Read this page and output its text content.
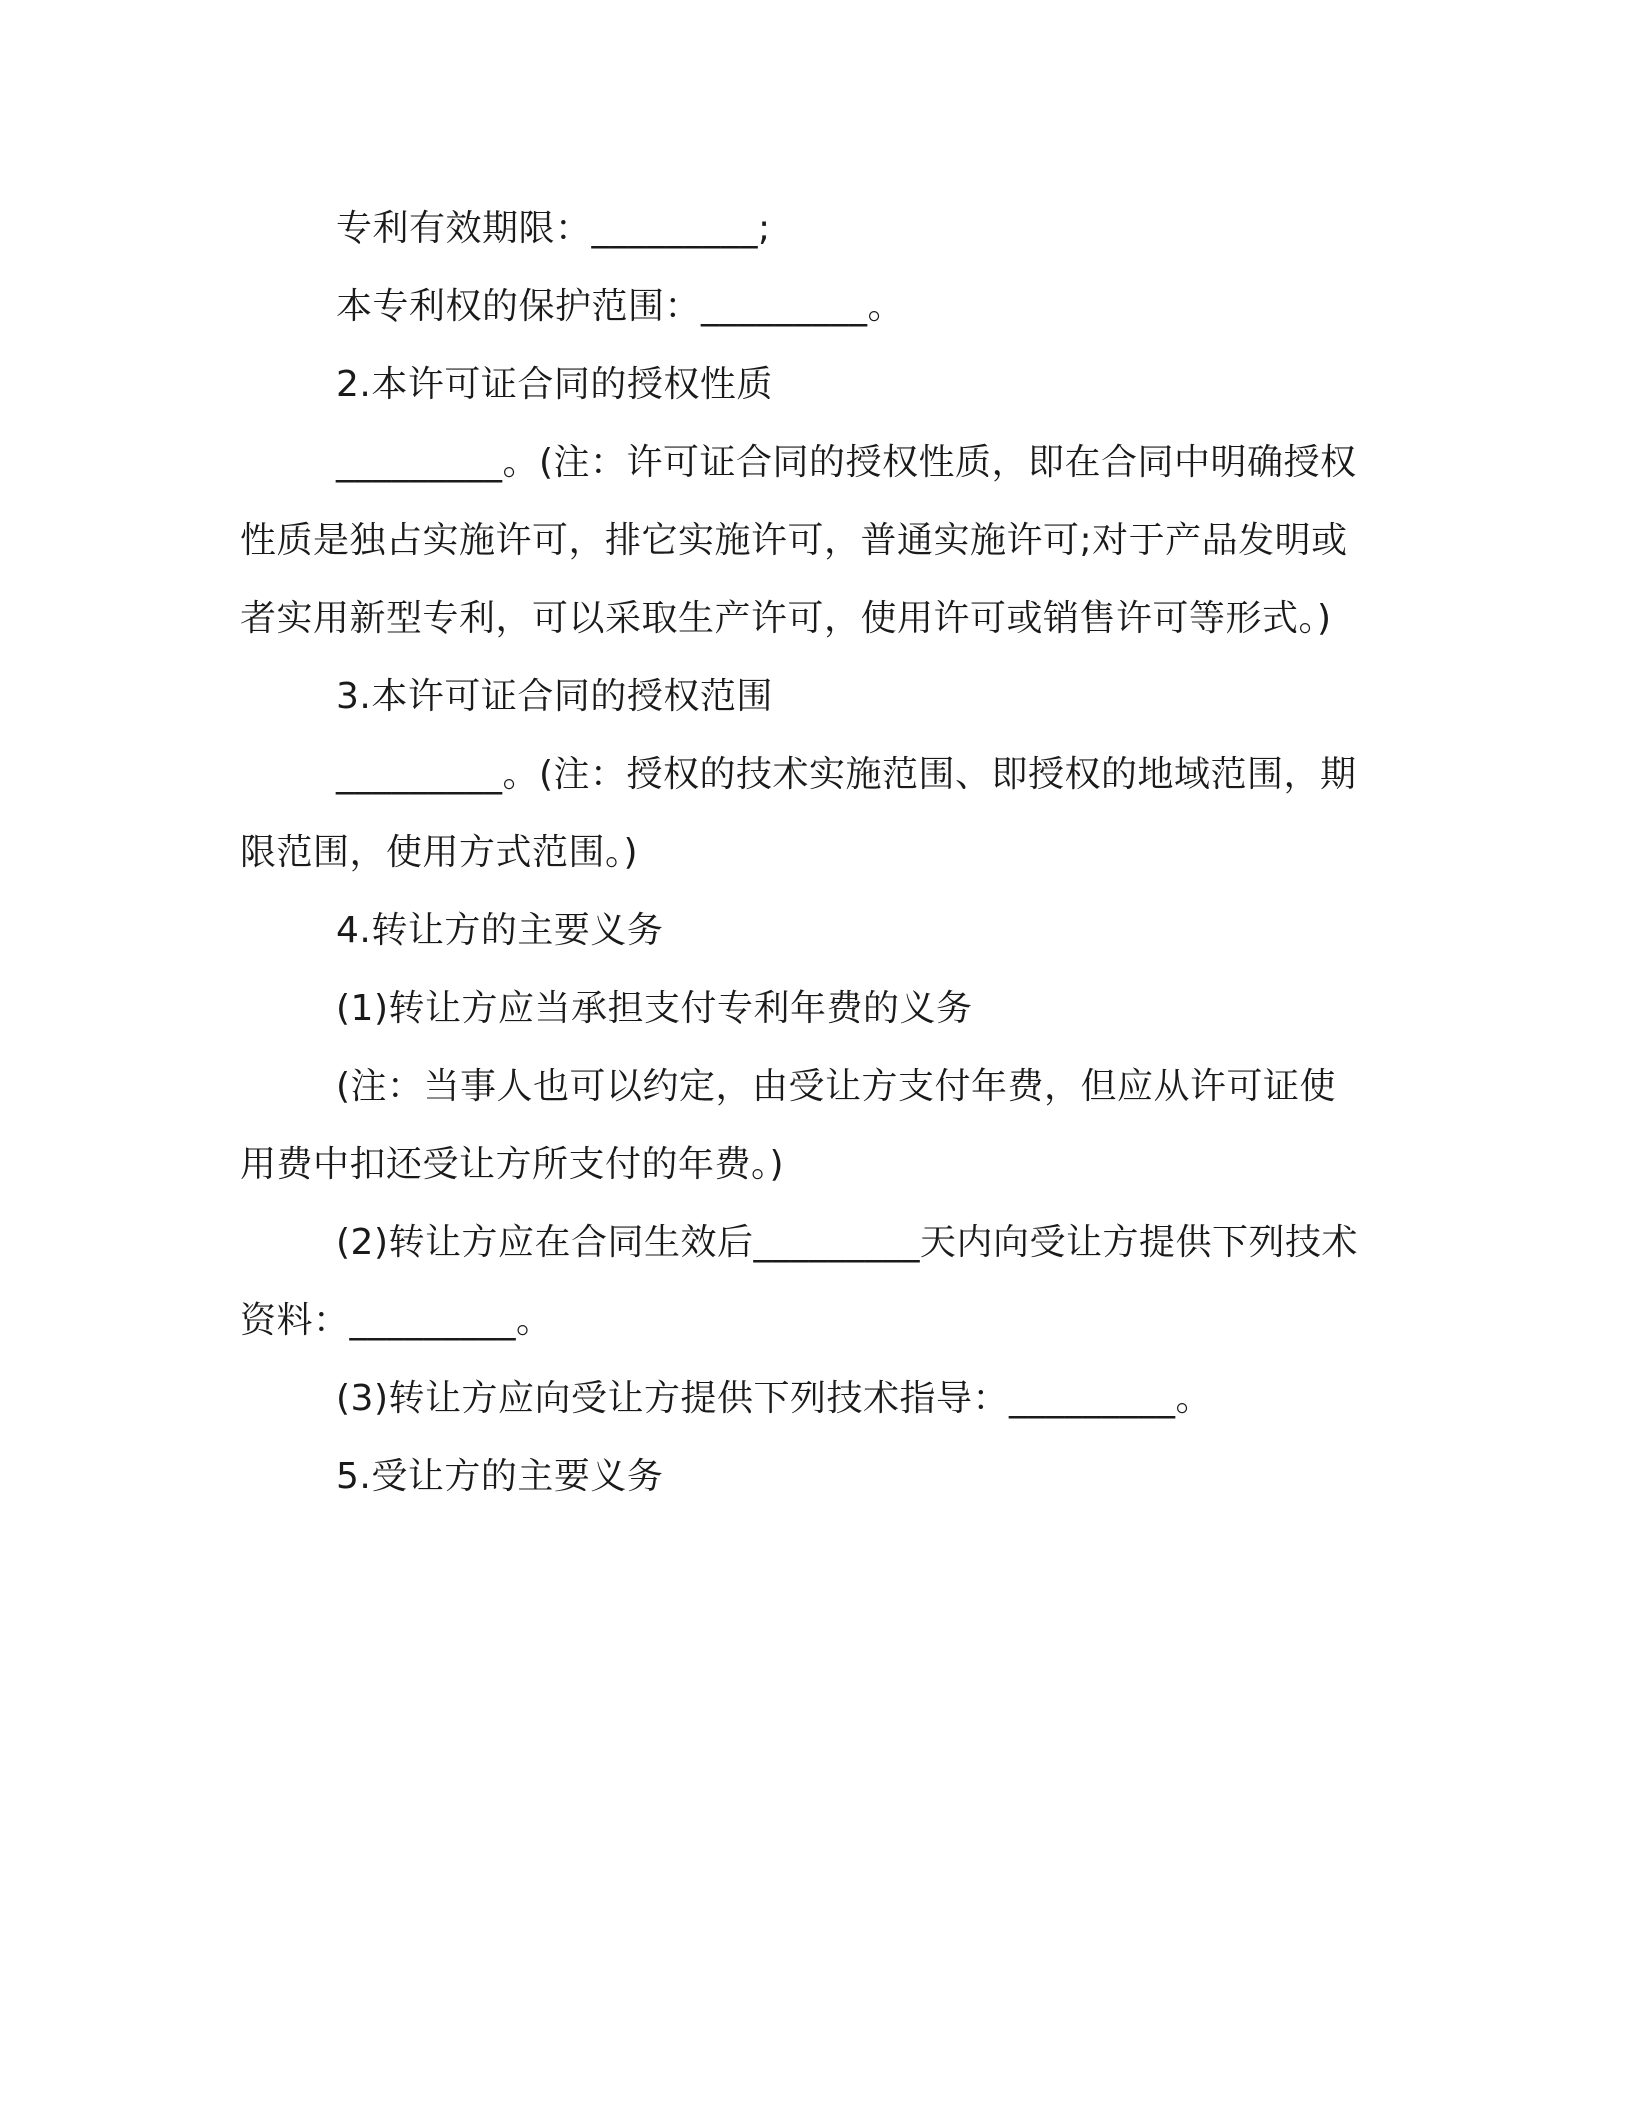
专利有效期限：_________;

本专利权的保护范围：_________。

2.本许可证合同的授权性质

_________。(注：许可证合同的授权性质，即在合同中明确授权性质是独占实施许可，排它实施许可，普通实施许可;对于产品发明或者实用新型专利，可以采取生产许可，使用许可或销售许可等形式。)

3.本许可证合同的授权范围

_________。(注：授权的技术实施范围、即授权的地域范围，期限范围，使用方式范围。)

4.转让方的主要义务

(1)转让方应当承担支付专利年费的义务

(注：当事人也可以约定，由受让方支付年费，但应从许可证使用费中扣还受让方所支付的年费。)

(2)转让方应在合同生效后_________天内向受让方提供下列技术资料：_________。

(3)转让方应向受让方提供下列技术指导：_________。

5.受让方的主要义务
